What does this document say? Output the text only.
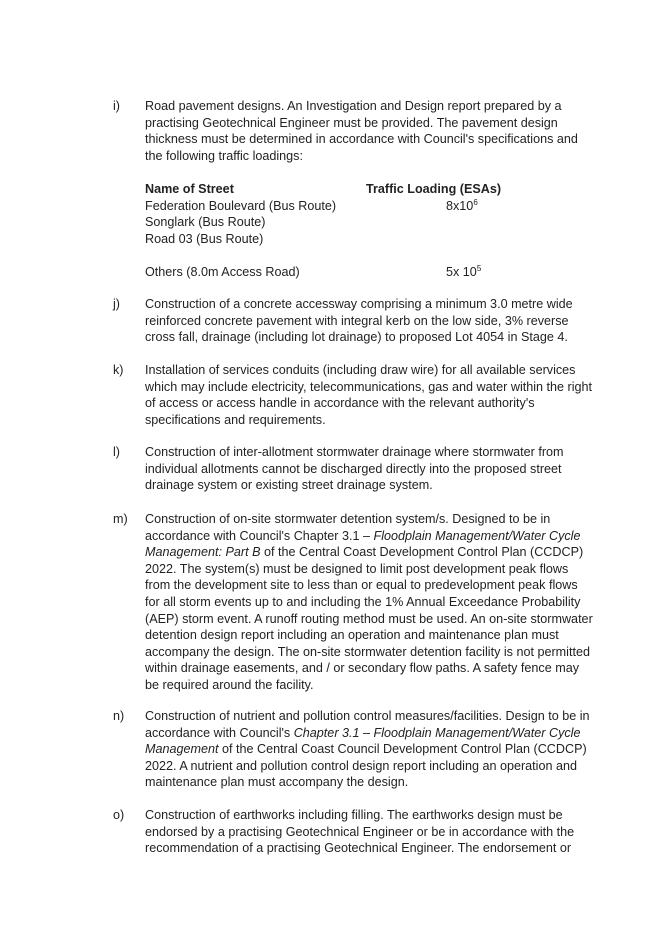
i) Road pavement designs. An Investigation and Design report prepared by a practising Geotechnical Engineer must be provided. The pavement design thickness must be determined in accordance with Council's specifications and the following traffic loadings:

Name of Street	Traffic Loading (ESAs)
Federation Boulevard (Bus Route)	$8x10^6$
Songlark (Bus Route)
Road 03 (Bus Route)
Others (8.0m Access Road)	5x $10^5$
j) Construction of a concrete accessway comprising a minimum 3.0 metre wide reinforced concrete pavement with integral kerb on the low side, 3% reverse cross fall, drainage (including lot drainage) to proposed Lot 4054 in Stage 4.

k) Installation of services conduits (including draw wire) for all available services which may include electricity, telecommunications, gas and water within the right of access or access handle in accordance with the relevant authority's specifications and requirements.

l) Construction of inter-allotment stormwater drainage where stormwater from individual allotments cannot be discharged directly into the proposed street drainage system or existing street drainage system.

m) Construction of on-site stormwater detention system/s. Designed to be in accordance with Council's Chapter 3.1 – Floodplain Management/Water Cycle Management: Part B of the Central Coast Development Control Plan (CCDCP) 2022. The system(s) must be designed to limit post development peak flows from the development site to less than or equal to predevelopment peak flows for all storm events up to and including the 1% Annual Exceedance Probability (AEP) storm event. A runoff routing method must be used. An on-site stormwater detention design report including an operation and maintenance plan must accompany the design. The on-site stormwater detention facility is not permitted within drainage easements, and / or secondary flow paths. A safety fence may be required around the facility.

n) Construction of nutrient and pollution control measures/facilities. Design to be in accordance with Council's Chapter 3.1 – Floodplain Management/Water Cycle Management of the Central Coast Council Development Control Plan (CCDCP) 2022. A nutrient and pollution control design report including an operation and maintenance plan must accompany the design.

o) Construction of earthworks including filling. The earthworks design must be endorsed by a practising Geotechnical Engineer or be in accordance with the recommendation of a practising Geotechnical Engineer. The endorsement or
